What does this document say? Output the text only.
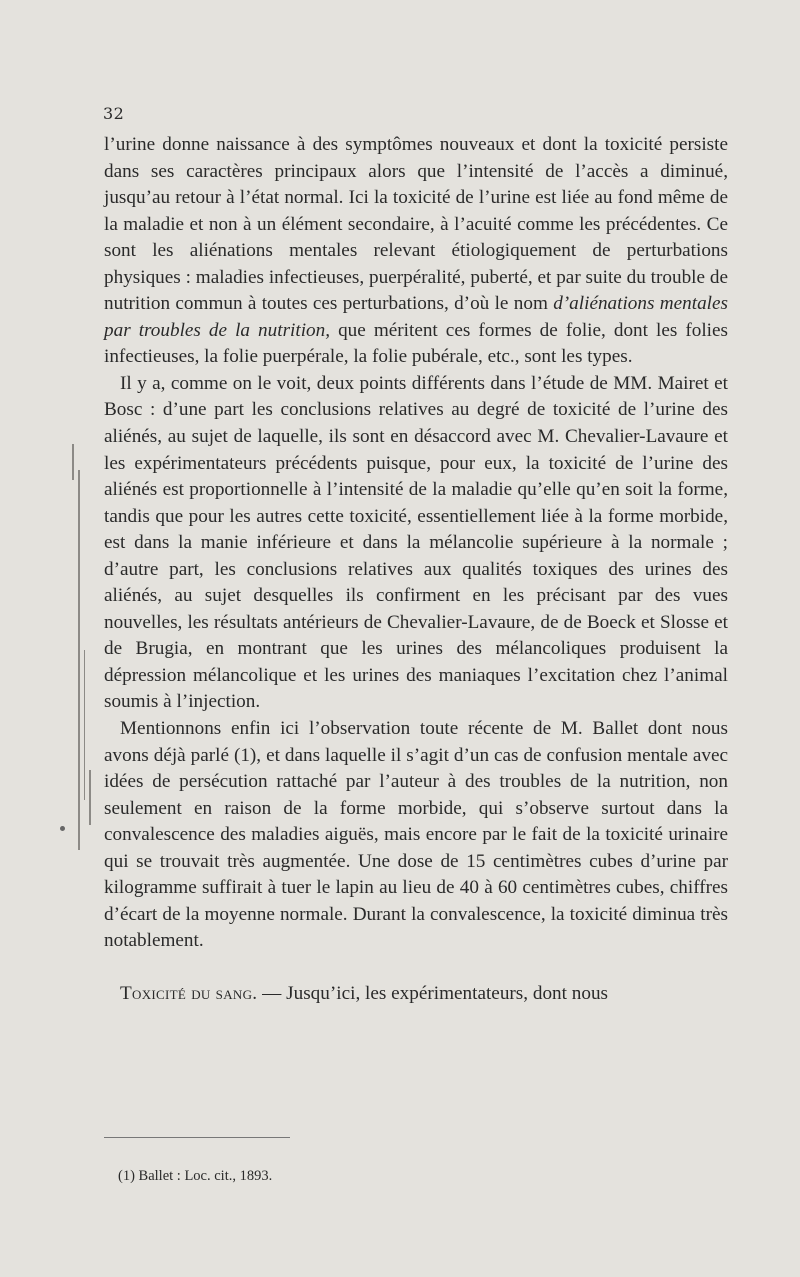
32

l’urine donne naissance à des symptômes nouveaux et dont la toxicité persiste dans ses caractères principaux alors que l’intensité de l’accès a diminué, jusqu’au retour à l’état normal. Ici la toxicité de l’urine est liée au fond même de la maladie et non à un élément secondaire, à l’acuité comme les précédentes. Ce sont les aliénations mentales relevant étiologiquement de perturbations physiques : maladies infectieuses, puerpéralité, puberté, et par suite du trouble de nutrition commun à toutes ces perturbations, d’où le nom d’aliénations mentales par troubles de la nutrition, que méritent ces formes de folie, dont les folies infectieuses, la folie puerpérale, la folie pubérale, etc., sont les types.

Il y a, comme on le voit, deux points différents dans l’étude de MM. Mairet et Bosc : d’une part les conclusions relatives au degré de toxicité de l’urine des aliénés, au sujet de laquelle, ils sont en désaccord avec M. Chevalier-Lavaure et les expérimentateurs précédents puisque, pour eux, la toxicité de l’urine des aliénés est proportionnelle à l’intensité de la maladie qu’elle qu’en soit la forme, tandis que pour les autres cette toxicité, essentiellement liée à la forme morbide, est dans la manie inférieure et dans la mélancolie supérieure à la normale ; d’autre part, les conclusions relatives aux qualités toxiques des urines des aliénés, au sujet desquelles ils confirment en les précisant par des vues nouvelles, les résultats antérieurs de Chevalier-Lavaure, de de Boeck et Slosse et de Brugia, en montrant que les urines des mélancoliques produisent la dépression mélancolique et les urines des maniaques l’excitation chez l’animal soumis à l’injection.

Mentionnons enfin ici l’observation toute récente de M. Ballet dont nous avons déjà parlé (1), et dans laquelle il s’agit d’un cas de confusion mentale avec idées de persécution rattaché par l’auteur à des troubles de la nutrition, non seulement en raison de la forme morbide, qui s’observe surtout dans la convalescence des maladies aiguës, mais encore par le fait de la toxicité urinaire qui se trouvait très augmentée. Une dose de 15 centimètres cubes d’urine par kilogramme suffirait à tuer le lapin au lieu de 40 à 60 centimètres cubes, chiffres d’écart de la moyenne normale. Durant la convalescence, la toxicité diminua très notablement.

Toxicité du sang. — Jusqu’ici, les expérimentateurs, dont nous

(1) Ballet : Loc. cit., 1893.
